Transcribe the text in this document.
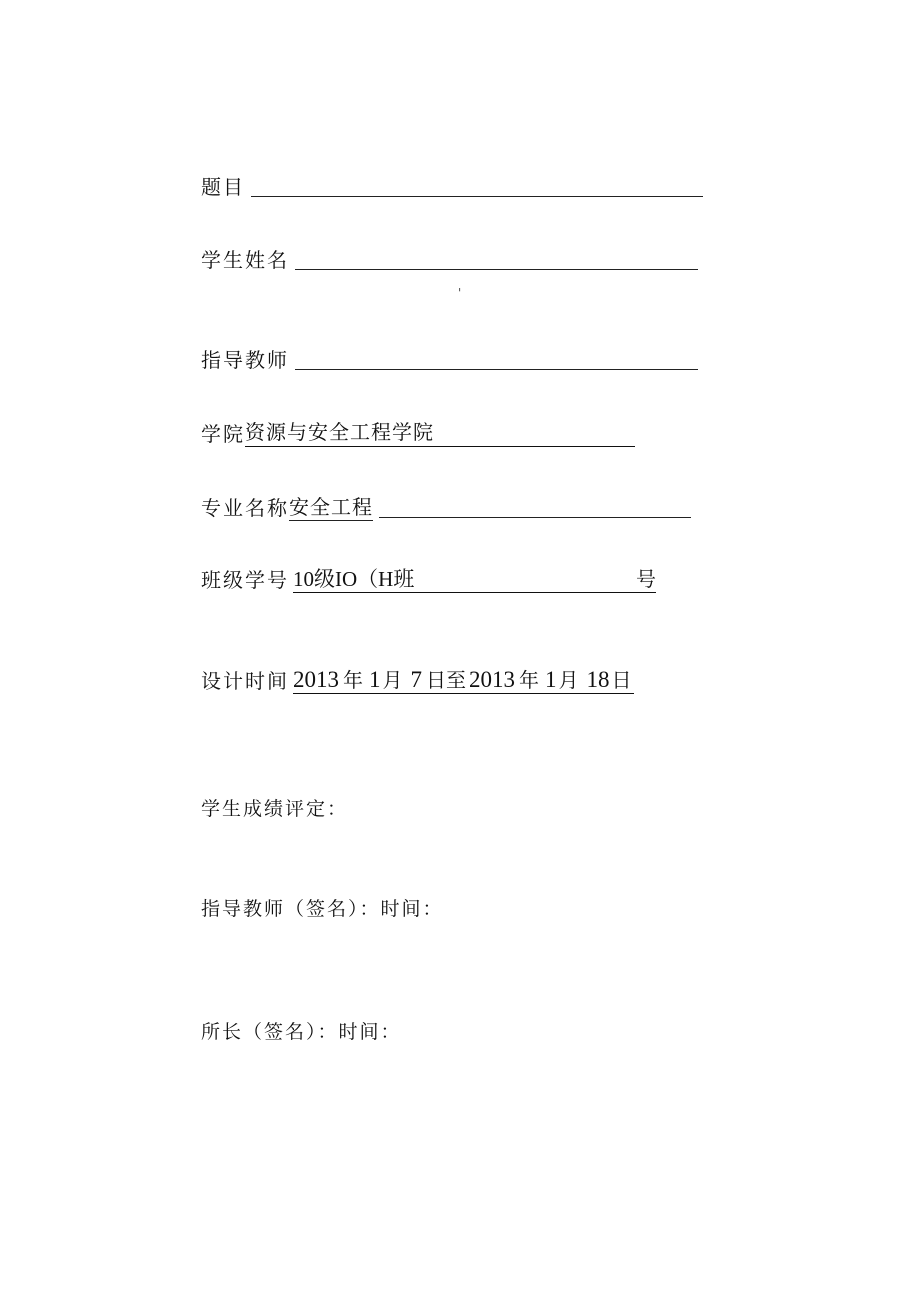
题目
学生姓名
'
指导教师
学院 资源与安全工程学院
专业名称 安全工程
班级学号 10级IO（H班	号
设计时间 2013 年 1 月 7 日 至 2013 年 1 月 18 日
学生成绩评定：
指导教师（签名）：时间：
所长（签名）：时间：
